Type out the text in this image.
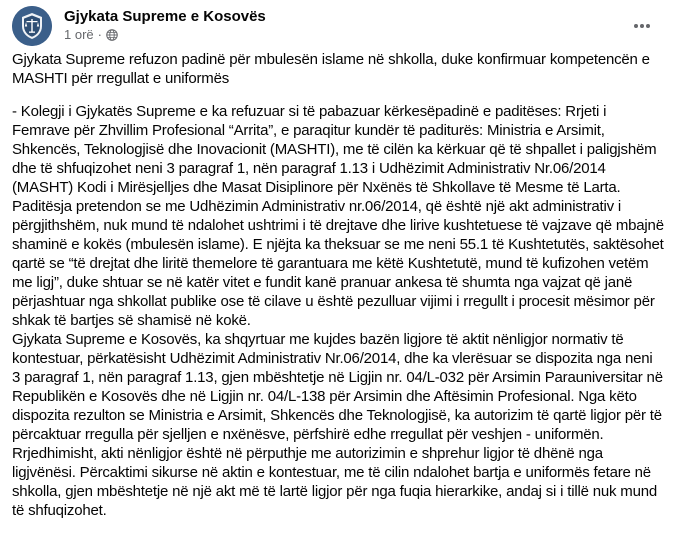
Gjykata Supreme e Kosovës
1 orë ·

Gjykata Supreme refuzon padinë për mbulesën islame në shkolla, duke konfirmuar kompetencën e MASHTI për rregullat e uniformës

- Kolegji i Gjykatës Supreme e ka refuzuar si të pabazuar kërkesëpadinë e paditëses: Rrjeti i Femrave për Zhvillim Profesional “Arrita”, e paraqitur kundër të paditurës: Ministria e Arsimit, Shkencës, Teknologjisë dhe Inovacionit (MASHTI), me të cilën ka kërkuar që të shpallet i paligjshëm dhe të shfuqizohet neni 3 paragraf 1, nën paragraf 1.13 i Udhëzimit Administrativ Nr.06/2014 (MASHT) Kodi i Mirësjelljes dhe Masat Disiplinore për Nxënës të Shkollave të Mesme të Larta. Paditësja pretendon se me Udhëzimin Administrativ nr.06/2014, që është një akt administrativ i përgjithshëm, nuk mund të ndalohet ushtrimi i të drejtave dhe lirive kushtetuese të vajzave që mbajnë shaminë e kokës (mbulesën islame). E njëjta ka theksuar se me neni 55.1 të Kushtetutës, saktësohet qartë se “të drejtat dhe liritë themelore të garantuara me këtë Kushtetutë, mund të kufizohen vetëm me ligj”, duke shtuar se në katër vitet e fundit kanë pranuar ankesa të shumta nga vajzat që janë përjashtuar nga shkollat publike ose të cilave u është pezulluar vijimi i rregullt i procesit mësimor për shkak të bartjes së shamisë në kokë.

Gjykata Supreme e Kosovës, ka shqyrtuar me kujdes bazën ligjore të aktit nënligjor normativ të kontestuar, përkatësisht Udhëzimit Administrativ Nr.06/2014, dhe ka vlerësuar se dispozita nga neni 3 paragraf 1, nën paragraf 1.13, gjen mbështetje në Ligjin nr. 04/L-032 për Arsimin Parauniversitar në Republikën e Kosovës dhe në Ligjin nr. 04/L-138 për Arsimin dhe Aftësimin Profesional. Nga këto dispozita rezulton se Ministria e Arsimit, Shkencës dhe Teknologjisë, ka autorizim të qartë ligjor për të përcaktuar rregulla për sjelljen e nxënësve, përfshirë edhe rregullat për veshjen - uniformën. Rrjedhimisht, akti nënligjor është në përputhje me autorizimin e shprehur ligjor të dhënë nga ligjvënësi. Përcaktimi sikurse në aktin e kontestuar, me të cilin ndalohet bartja e uniformës fetare në shkolla, gjen mbështetje në një akt më të lartë ligjor për nga fuqia hierarkike, andaj si i tillë nuk mund të shfuqizohet.
